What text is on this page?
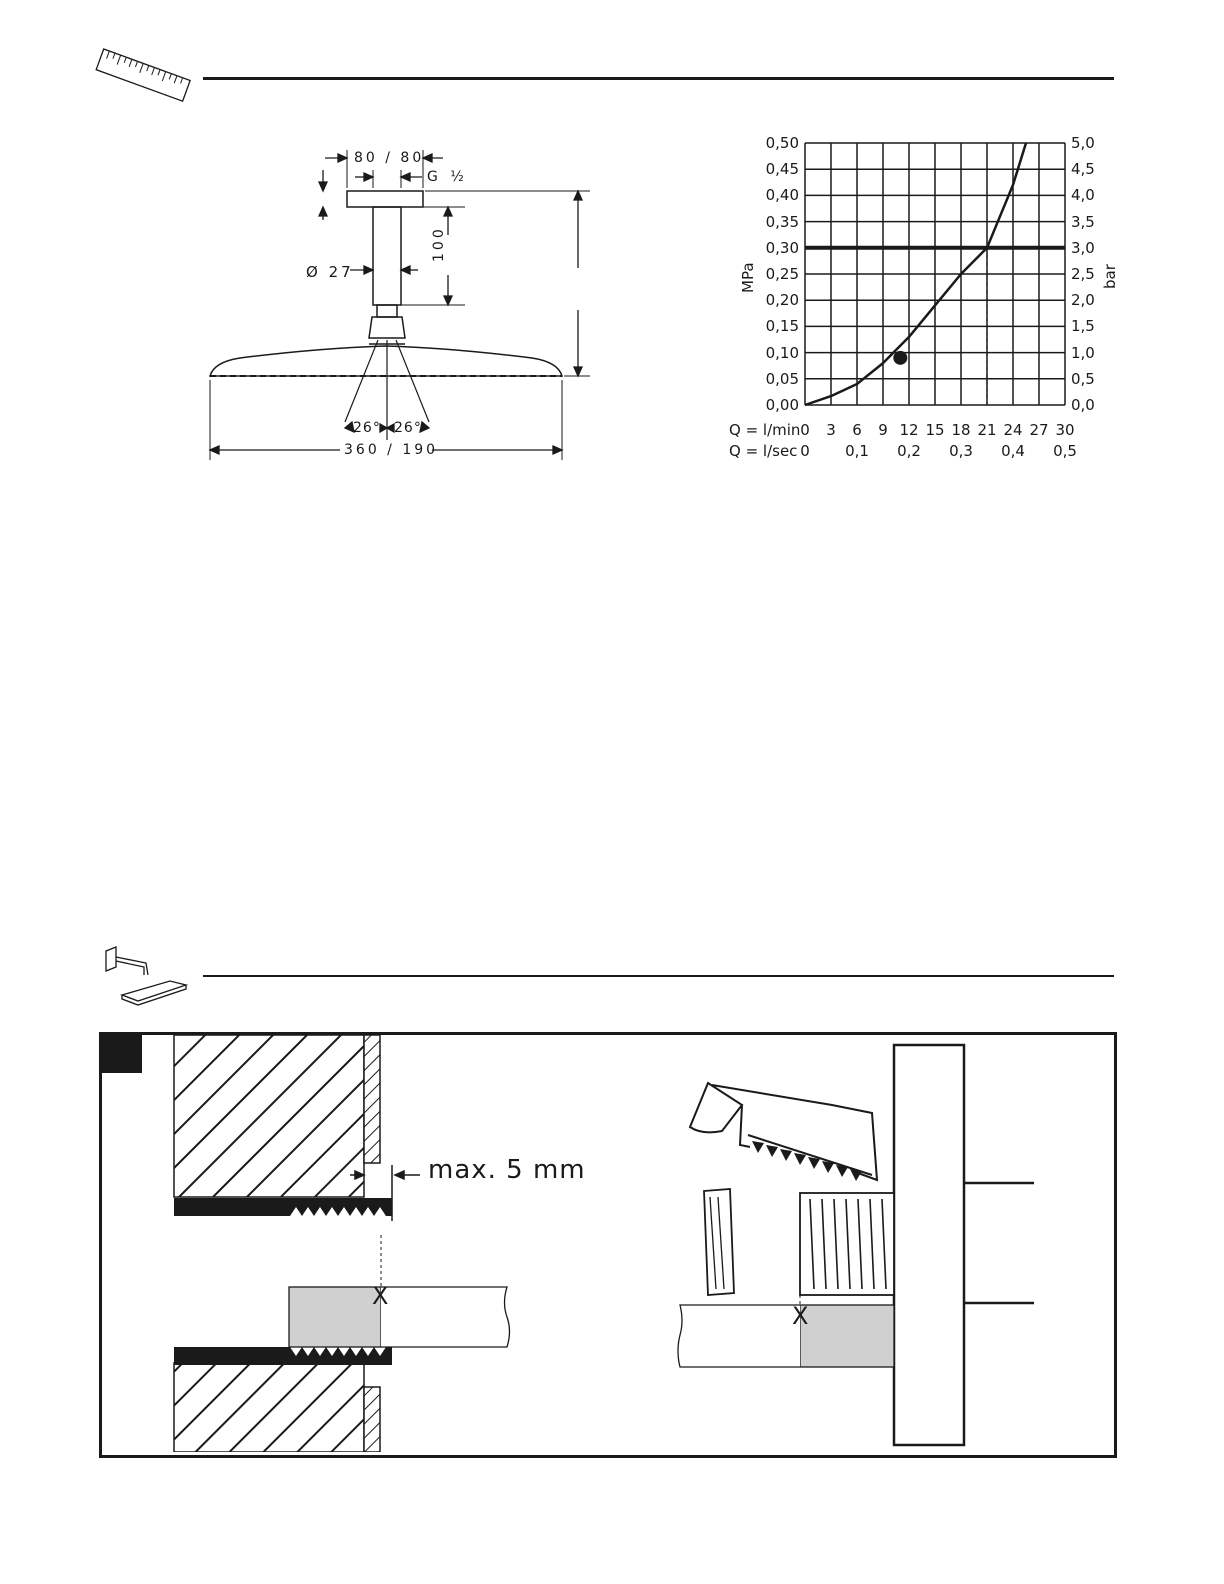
80 / 80
G ½
Ø 27
100
26° 26°
360 / 190
0,00
0,05
0,10
0,15
0,20
0,25
0,30
0,35
0,40
0,45
0,50
0,0
0,5
1,0
1,5
2,0
2,5
3,0
3,5
4,0
4,5
5,0
0	3	6	9 12 15 18 21 24 27 30
0	0,1 0,2 0,3 0,4 0,5
MPa	bar
Q = l/min
Q = l/sec
max. 5 mm
X
X
